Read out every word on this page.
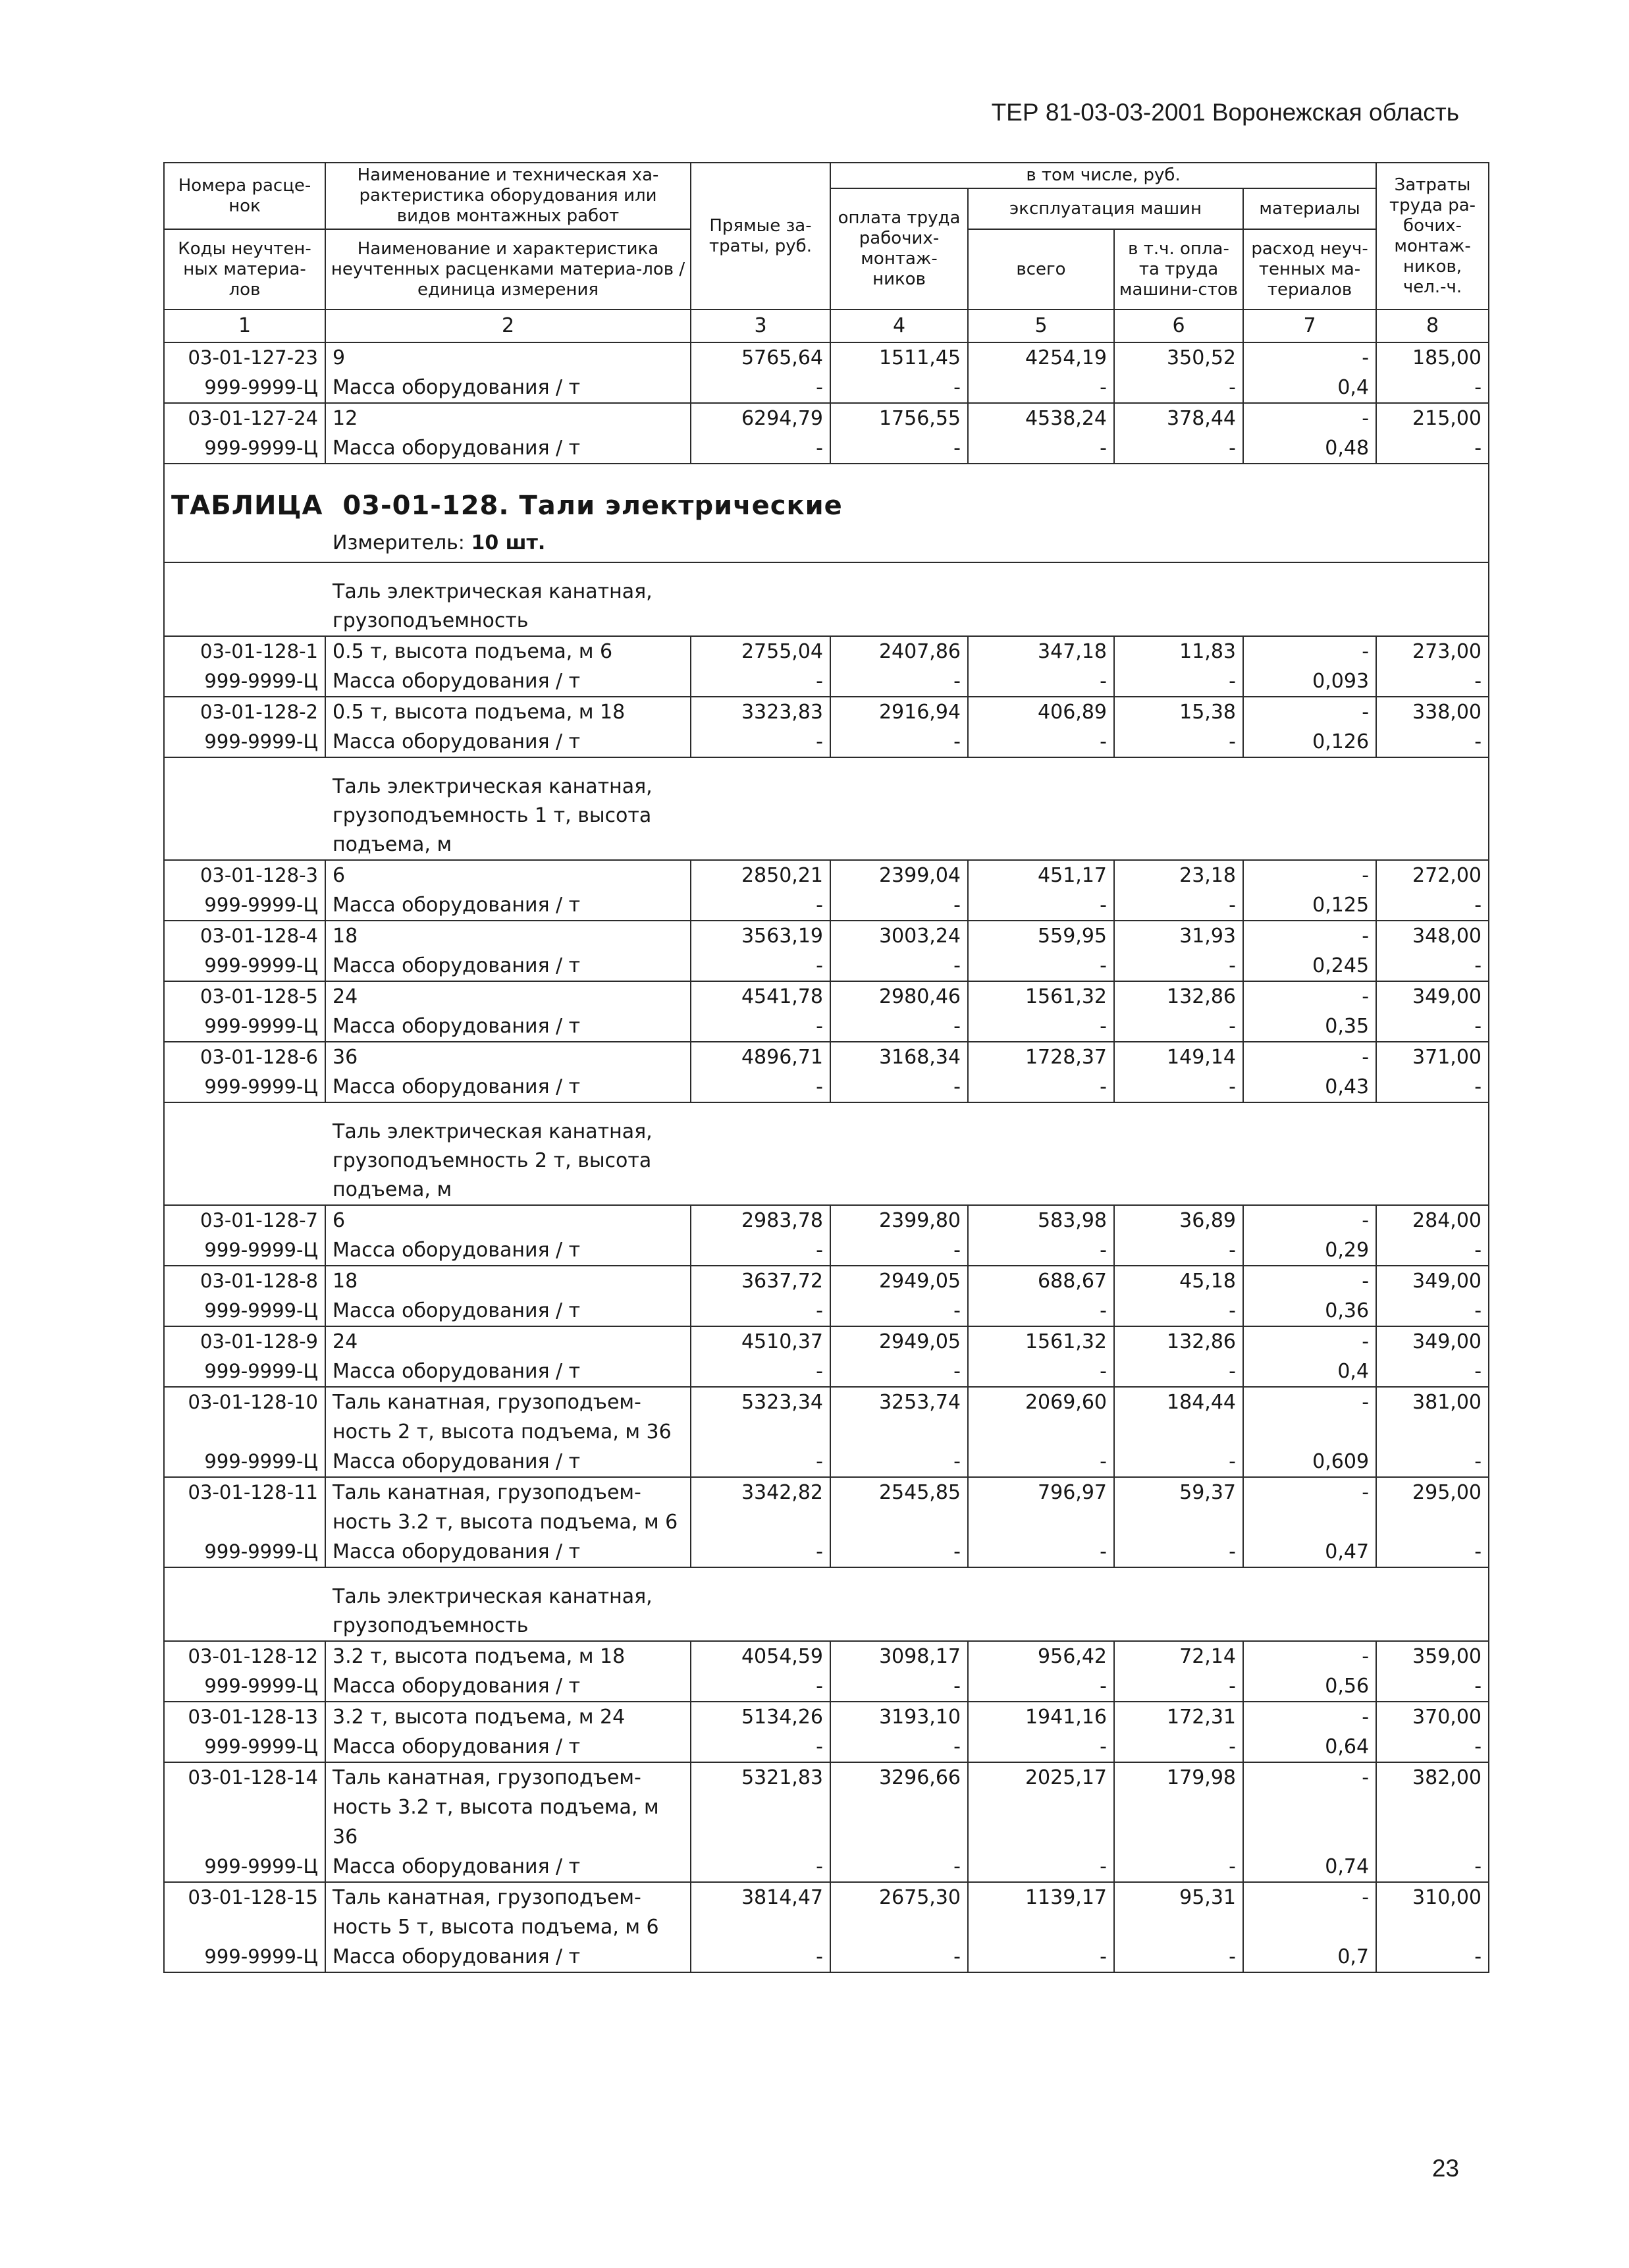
ТЕР 81-03-03-2001 Воронежская область
Номера расце-нок	Наименование и техническая ха-рактеристика оборудования или видов монтажных работ	Прямые за-траты, руб.	в том числе, руб.				Затраты труда ра-бочих-монтаж-ников, чел.-ч.
			оплата труда рабочих-монтаж-ников	эксплуатация машин		материалы	
Коды неучтен-ных материа-лов	Наименование и характеристика неучтенных расценками материа-лов / единица измерения			всего	в т.ч. опла-та труда машини-стов	расход неуч-тенных ма-териалов	

1	2	3	4	5	6	7	8
03-01-127-23	9	5765,64	1511,45	4254,19	350,52	-	185,00
999-9999-Ц	Масса оборудования / т	-	-	-	-	0,4	-
03-01-127-24	12	6294,79	1756,55	4538,24	378,44	-	215,00
999-9999-Ц	Масса оборудования / т	-	-	-	-	0,48	-

ТАБЛИЦА  03-01-128. Тали электрические
Измеритель: 10 шт.							

Таль электрическая канатная, грузоподъемность							

03-01-128-1	0.5 т, высота подъема, м 6	2755,04	2407,86	347,18	11,83	-	273,00
999-9999-Ц	Масса оборудования / т	-	-	-	-	0,093	-
03-01-128-2	0.5 т, высота подъема, м 18	3323,83	2916,94	406,89	15,38	-	338,00
999-9999-Ц	Масса оборудования / т	-	-	-	-	0,126	-

Таль электрическая канатная, грузоподъемность 1 т, высота подъема, м							

03-01-128-3	6	2850,21	2399,04	451,17	23,18	-	272,00
999-9999-Ц	Масса оборудования / т	-	-	-	-	0,125	-
03-01-128-4	18	3563,19	3003,24	559,95	31,93	-	348,00
999-9999-Ц	Масса оборудования / т	-	-	-	-	0,245	-
03-01-128-5	24	4541,78	2980,46	1561,32	132,86	-	349,00
999-9999-Ц	Масса оборудования / т	-	-	-	-	0,35	-
03-01-128-6	36	4896,71	3168,34	1728,37	149,14	-	371,00
999-9999-Ц	Масса оборудования / т	-	-	-	-	0,43	-

Таль электрическая канатная, грузоподъемность 2 т, высота подъема, м							

03-01-128-7	6	2983,78	2399,80	583,98	36,89	-	284,00
999-9999-Ц	Масса оборудования / т	-	-	-	-	0,29	-
03-01-128-8	18	3637,72	2949,05	688,67	45,18	-	349,00
999-9999-Ц	Масса оборудования / т	-	-	-	-	0,36	-
03-01-128-9	24	4510,37	2949,05	1561,32	132,86	-	349,00
999-9999-Ц	Масса оборудования / т	-	-	-	-	0,4	-
03-01-128-10	Таль канатная, грузоподъем-ность 2 т, высота подъема, м 36	5323,34	3253,74	2069,60	184,44	-	381,00
999-9999-Ц	Масса оборудования / т	-	-	-	-	0,609	-
03-01-128-11	Таль канатная, грузоподъем-ность 3.2 т, высота подъема, м 6	3342,82	2545,85	796,97	59,37	-	295,00
999-9999-Ц	Масса оборудования / т	-	-	-	-	0,47	-

Таль электрическая канатная, грузоподъемность							

03-01-128-12	3.2 т, высота подъема, м 18	4054,59	3098,17	956,42	72,14	-	359,00
999-9999-Ц	Масса оборудования / т	-	-	-	-	0,56	-
03-01-128-13	3.2 т, высота подъема, м 24	5134,26	3193,10	1941,16	172,31	-	370,00
999-9999-Ц	Масса оборудования / т	-	-	-	-	0,64	-
03-01-128-14	Таль канатная, грузоподъем-ность 3.2 т, высота подъема, м 36	5321,83	3296,66	2025,17	179,98	-	382,00
999-9999-Ц	Масса оборудования / т	-	-	-	-	0,74	-
03-01-128-15	Таль канатная, грузоподъем-ность 5 т, высота подъема, м 6	3814,47	2675,30	1139,17	95,31	-	310,00
999-9999-Ц	Масса оборудования / т	-	-	-	-	0,7	-
23
